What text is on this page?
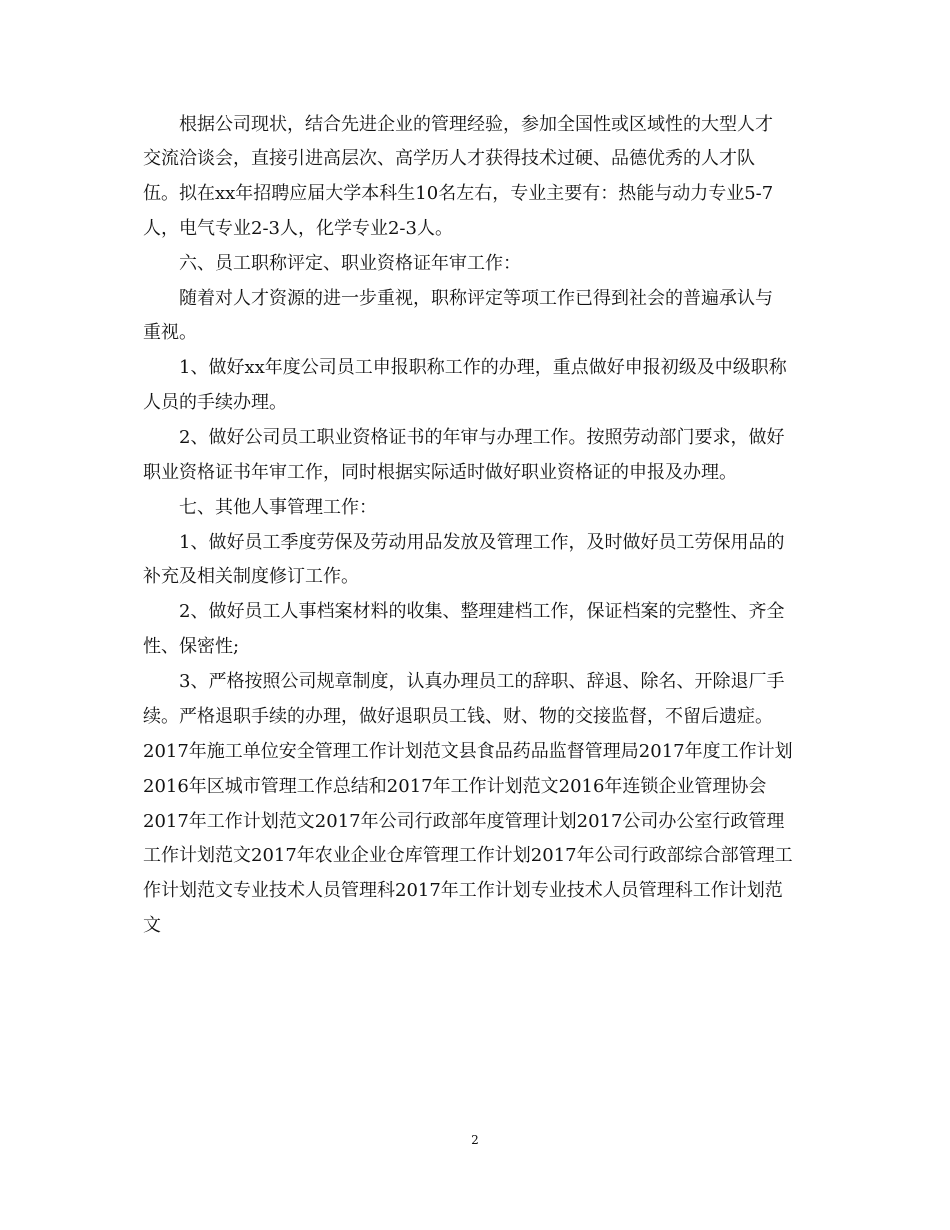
根据公司现状，结合先进企业的管理经验，参加全国性或区域性的大型人才
交流洽谈会，直接引进高层次、高学历人才获得技术过硬、品德优秀的人才队
伍。拟在xx年招聘应届大学本科生10名左右，专业主要有：热能与动力专业5-7
人，电气专业2-3人，化学专业2-3人。
六、员工职称评定、职业资格证年审工作：
随着对人才资源的进一步重视，职称评定等项工作已得到社会的普遍承认与
重视。
1、做好xx年度公司员工申报职称工作的办理，重点做好申报初级及中级职称
人员的手续办理。
2、做好公司员工职业资格证书的年审与办理工作。按照劳动部门要求，做好
职业资格证书年审工作，同时根据实际适时做好职业资格证的申报及办理。
七、其他人事管理工作：
1、做好员工季度劳保及劳动用品发放及管理工作，及时做好员工劳保用品的
补充及相关制度修订工作。
2、做好员工人事档案材料的收集、整理建档工作，保证档案的完整性、齐全
性、保密性;
3、严格按照公司规章制度，认真办理员工的辞职、辞退、除名、开除退厂手
续。严格退职手续的办理，做好退职员工钱、财、物的交接监督，不留后遗症。
2017年施工单位安全管理工作计划范文县食品药品监督管理局2017年度工作计划
2016年区城市管理工作总结和2017年工作计划范文2016年连锁企业管理协会
2017年工作计划范文2017年公司行政部年度管理计划2017公司办公室行政管理
工作计划范文2017年农业企业仓库管理工作计划2017年公司行政部综合部管理工
作计划范文专业技术人员管理科2017年工作计划专业技术人员管理科工作计划范
文
2
